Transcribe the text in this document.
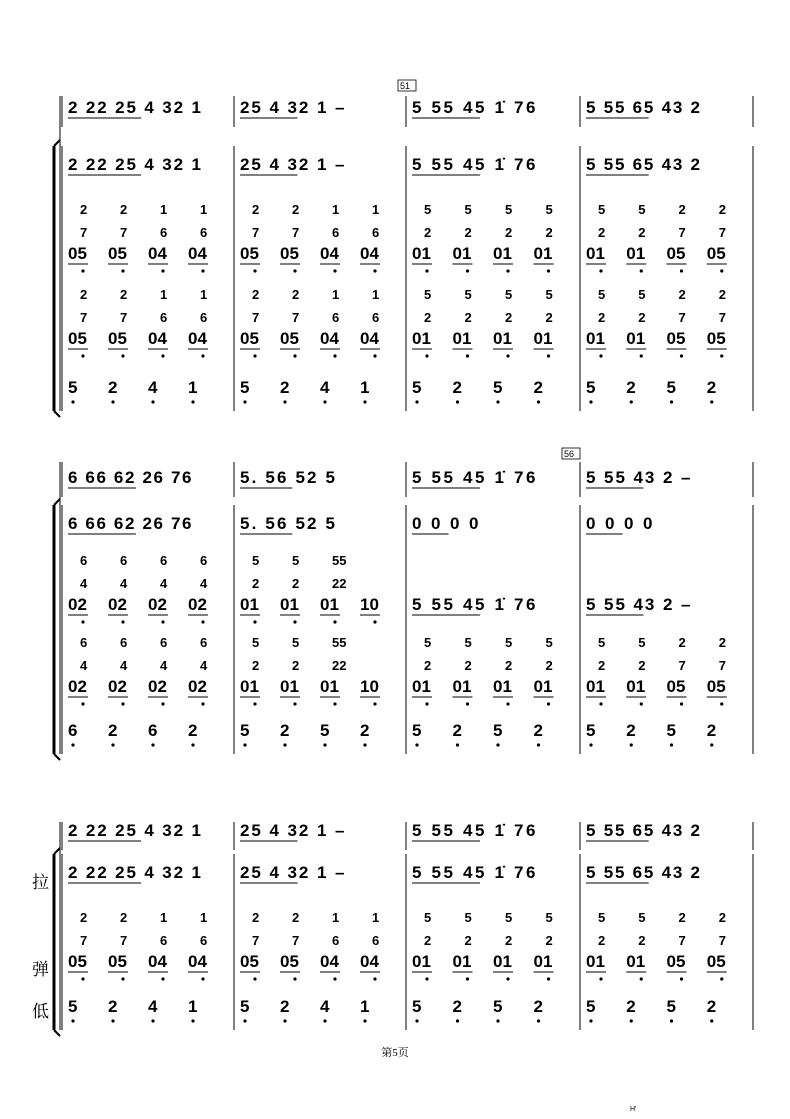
2 22 25 4 32 1 25 4 32 1 –	5 55 45 1̇ 76	5 55 65 43 2
2 22 25 4 32 1 25 4 32 1 –	5 55 45 1̇ 76	5 55 65 43 2
2	2	1	1
7	7	6	6
05 05 04 04
2	2	1	1
7	7	6	6
05 05 04 04
5	5	5	5
2	2	2	2
01 01 01 01
5	5	2	2
2	2	7	7
01 01 05 05
2	2	1	1
7	7	6	6
05 05 04 04
2	2	1	1
7	7	6	6
05 05 04 04
5	5	5	5
2	2	2	2
01 01 01 01
5	5	2	2
2	2	7	7
01 01 05 05
5 2 4 1	5 2 4 1	5 2 5 2	5 2 5 2
6 66 62 26 76	5. 56 52 5	5 55 45 1̇ 76	5 55 43 2 –
6 66 62 26 76	5. 56 52 5	0 0 0 0	0 0 0 0
6	6	6	6
4	4	4	4
02 02 02 02
5	5	55
2	2	22
01 01 01 10 5 55 45 1̇ 76	5 55 43 2 –
6	6	6	6
4	4	4	4
02 02 02 02
5	5	55
2	2	22
01 01 01 10
5	5	5	5
2	2	2	2
01 01 01 01
5	5	2	2
2	2	7	7
01 01 05 05
6 2 6 2	5 2 5 2	5 2 5 2	5 2 5 2
2 22 25 4 32 1 25 4 32 1 –	5 55 45 1̇ 76	5 55 65 43 2
2 22 25 4 32 1 25 4 32 1 –	5 55 45 1̇ 76	5 55 65 43 2
2	2	1	1
7	7	6	6
05 05 04 04
2	2	1	1
7	7	6	6
05 05 04 04
5	5	5	5
2	2	2	2
01 01 01 01
5	5	2	2
2	2	7	7
01 01 05 05
5 2 4 1	5 2 4 1	5 2 5 2	5 2 5 2
51
56
拉
弹
低
第5页
H'
